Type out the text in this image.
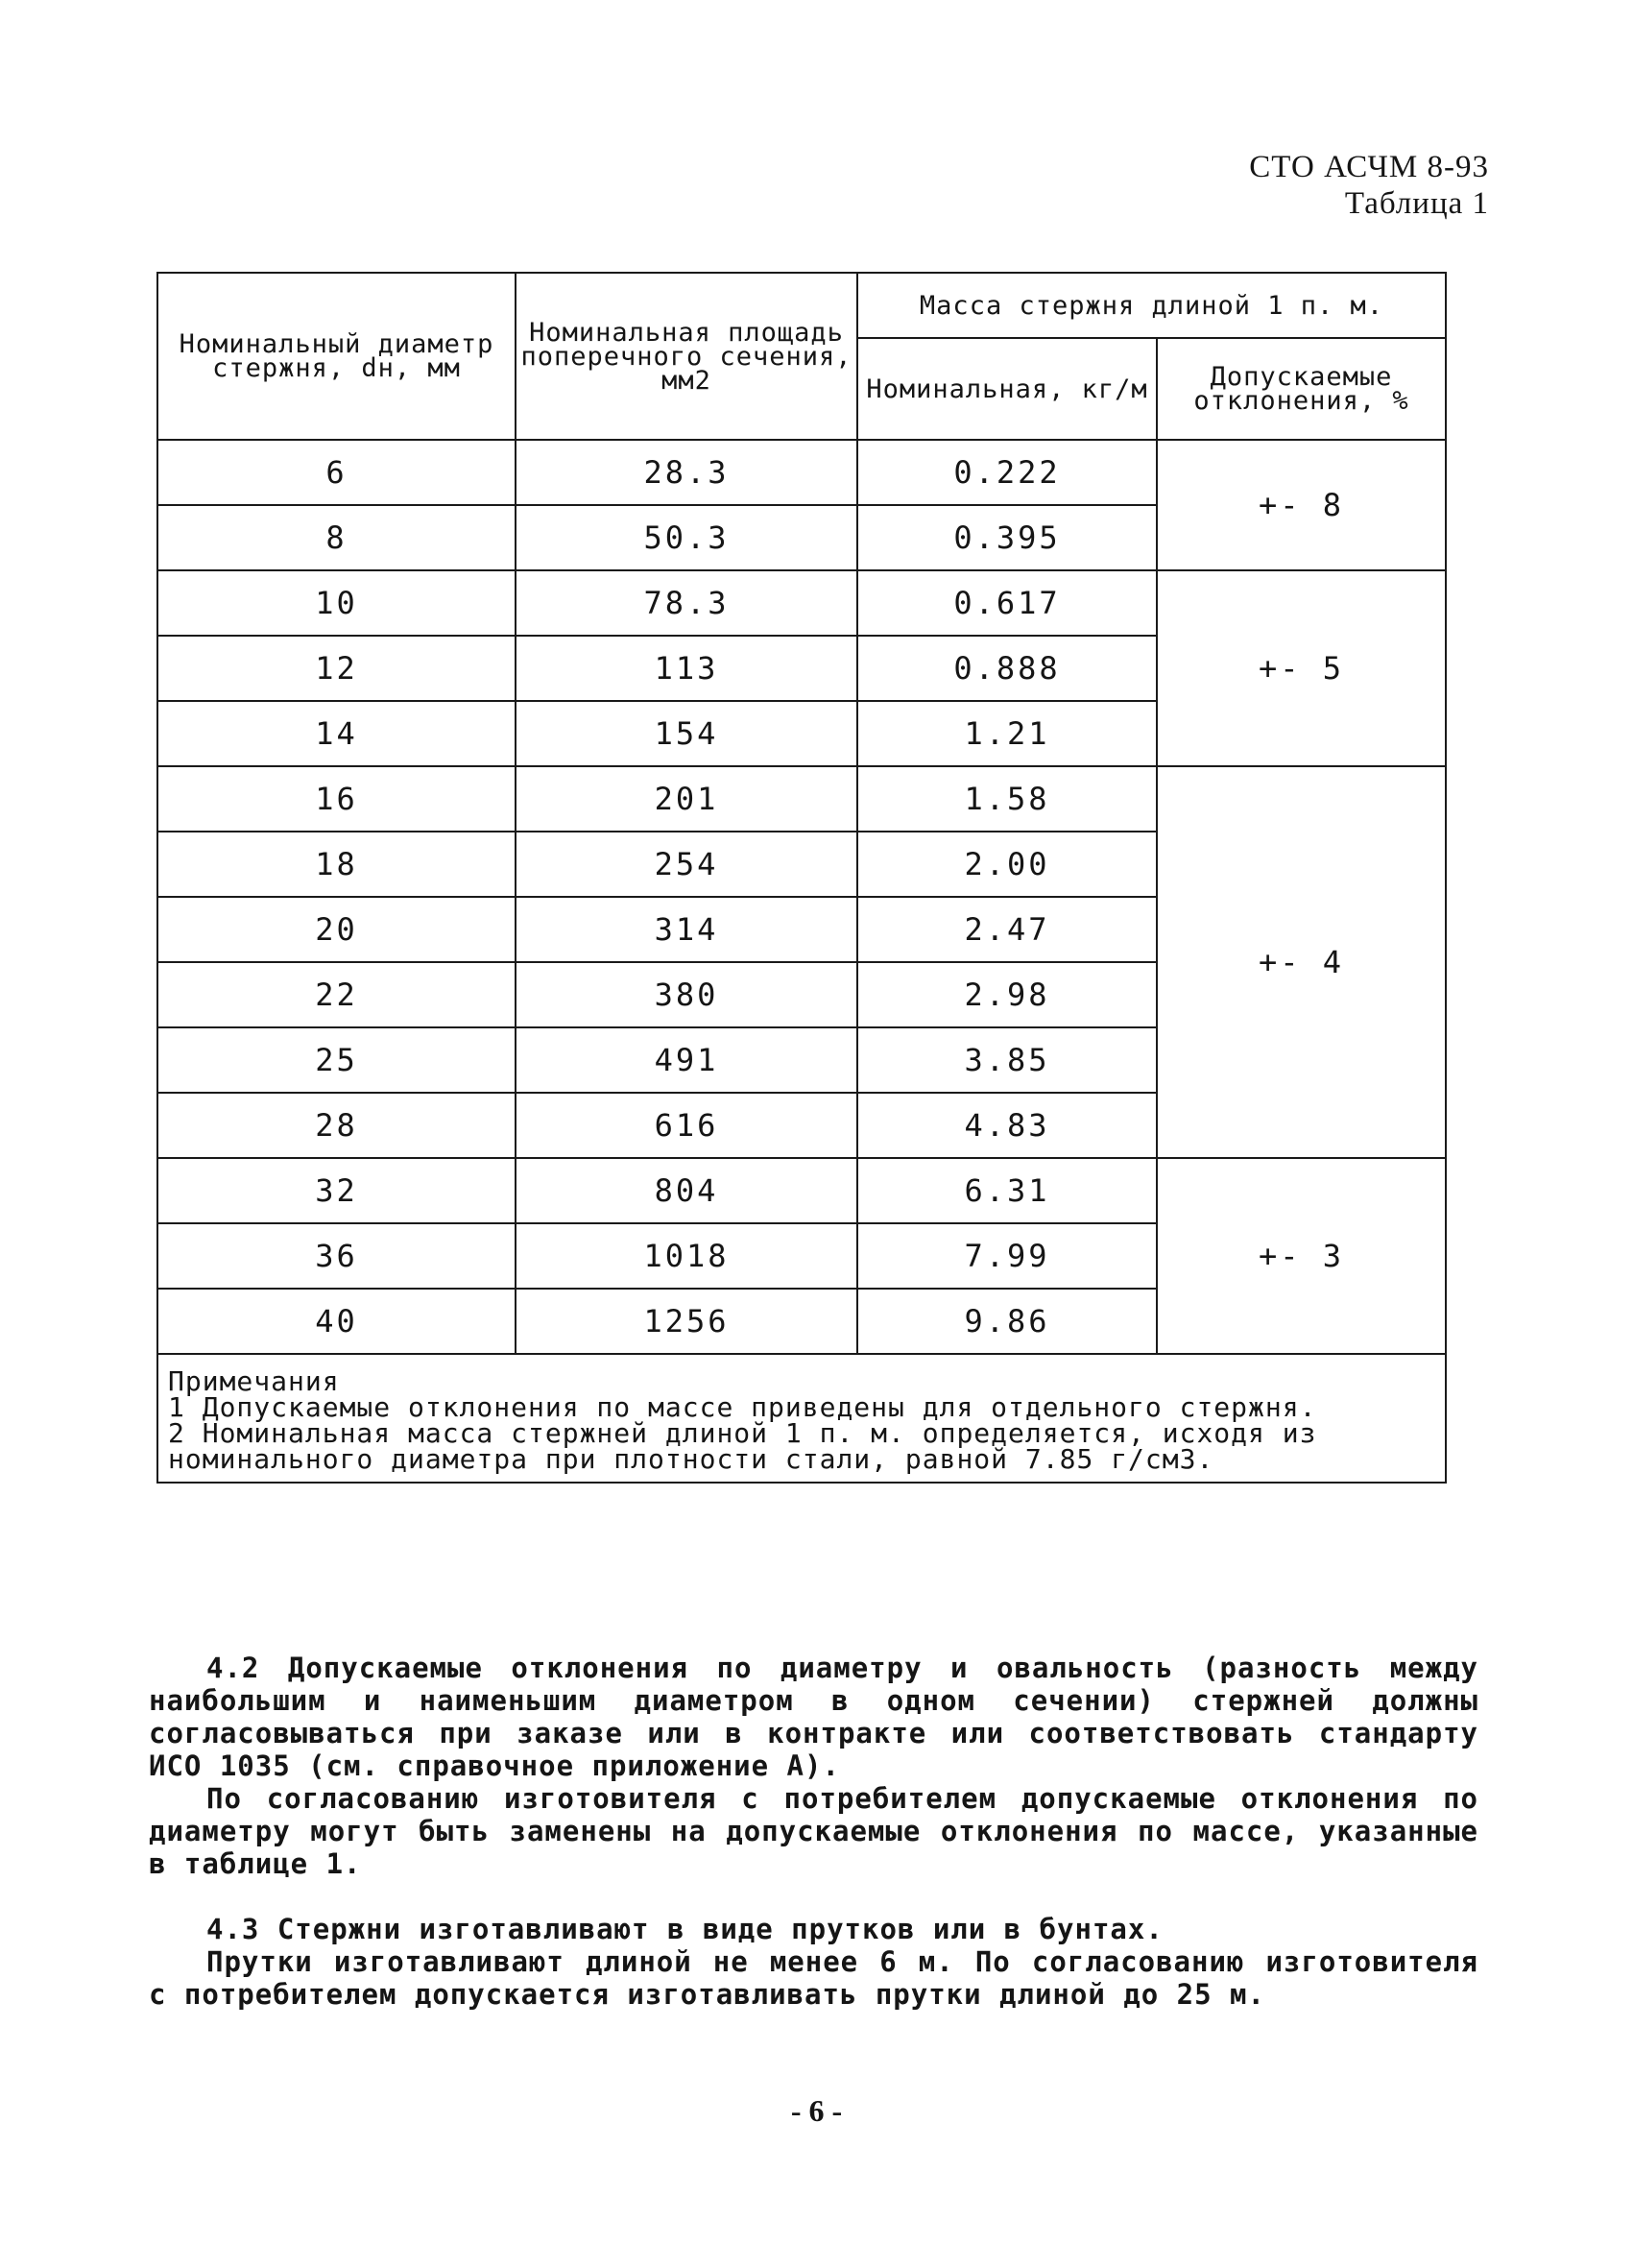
СТО АСЧМ 8-93
Таблица 1
Номинальный диаметр стержня, dн, мм	Номинальная площадь поперечного сечения, мм2	Масса стержня длиной 1 п. м.	
		Номинальная, кг/м	Допускаемые отклонения, %
6	28.3	0.222	+- 8
8	50.3	0.395	
10	78.3	0.617	+- 5
12	113	0.888	
14	154	1.21	
16	201	1.58	+- 4
18	254	2.00	
20	314	2.47	
22	380	2.98	
25	491	3.85	
28	616	4.83	
32	804	6.31	+- 3
36	1018	7.99	
40	1256	9.86	

Примечания
1 Допускаемые отклонения по массе приведены для отдельного стержня.
2 Номинальная масса стержней длиной 1 п. м. определяется, исходя из номинального диаметра при плотности стали, равной 7.85 г/см3.			

4.2 Допускаемые отклонения по диаметру и овальность (разность между наибольшим и наименьшим диаметром в одном сечении) стержней должны согласовываться при заказе или в контракте или соответствовать стандарту ИСО 1035 (см. справочное приложение А).

По согласованию изготовителя с потребителем допускаемые отклонения по диаметру могут быть заменены на допускаемые отклонения по массе, указанные в таблице 1.

4.3 Стержни изготавливают в виде прутков или в бунтах.

Прутки изготавливают длиной не менее 6 м. По согласованию изготовителя с потребителем допускается изготавливать прутки длиной до 25 м.

- 6 -
